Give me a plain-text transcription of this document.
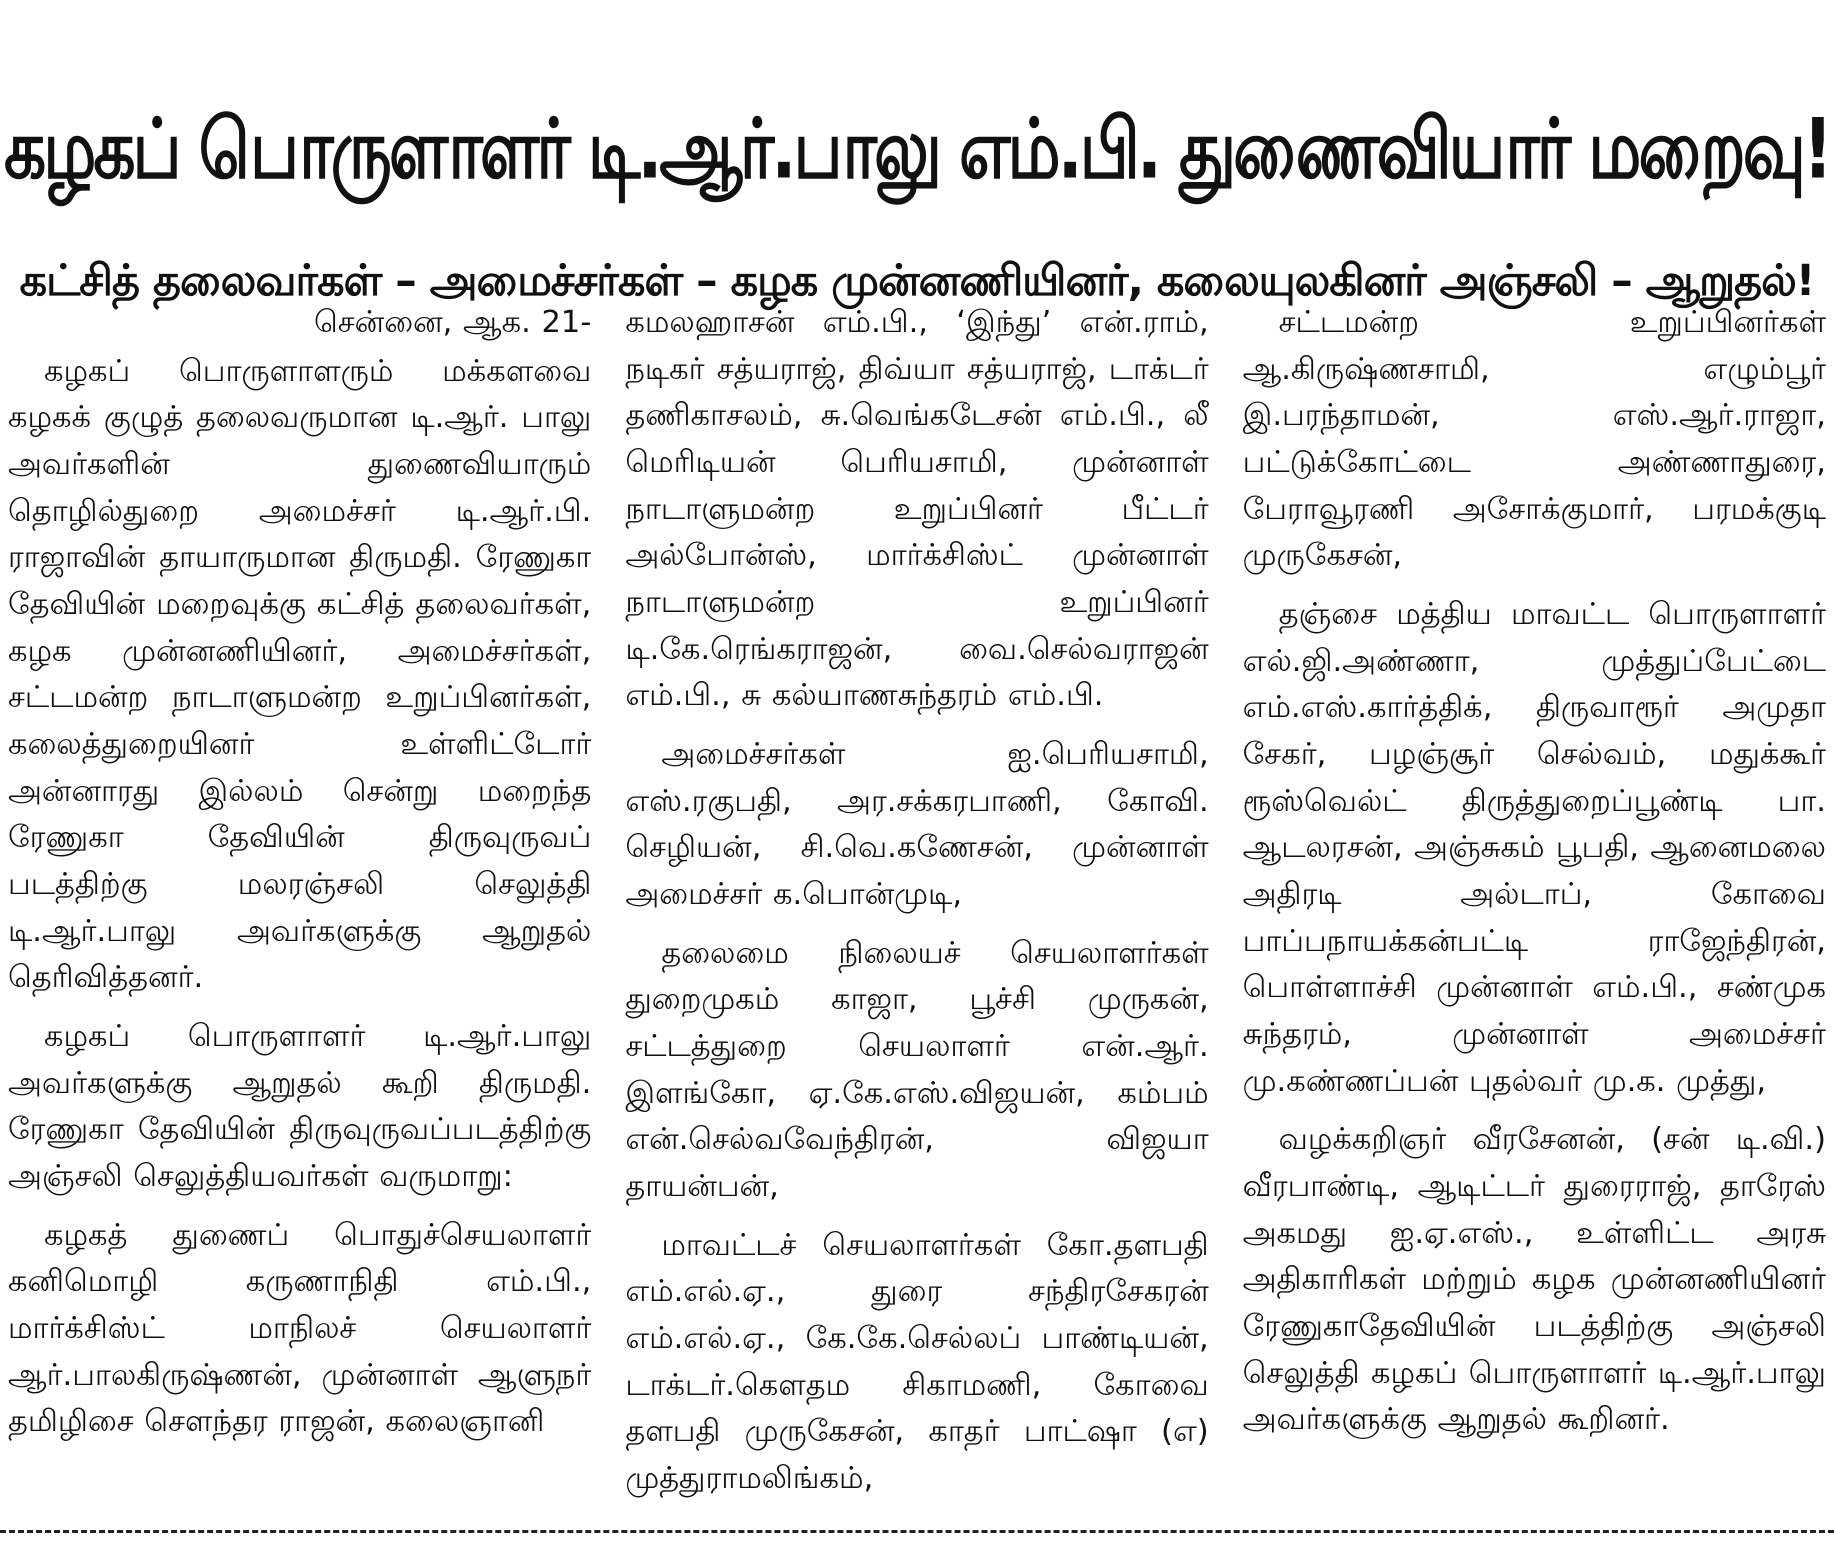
கழகப் பொருளாளர் டி.ஆர்.பாலு எம்.பி. துணைவியார் மறைவு!
கட்சித் தலைவர்கள் – அமைச்சர்கள் – கழக முன்னணியினர், கலையுலகினர் அஞ்சலி – ஆறுதல்!

சென்னை, ஆக. 21-

கழகப் பொருளாளரும் மக்களவை கழகக் குழுத் தலைவருமான டி.ஆர். பாலு அவர்களின் துணைவியாரும் தொழில்துறை அமைச்சர் டி.ஆர்.பி. ராஜாவின் தாயாருமான திருமதி. ரேணுகா தேவியின் மறைவுக்கு கட்சித் தலைவர்கள், கழக முன்னணியினர், அமைச்சர்கள், சட்டமன்ற நாடாளுமன்ற உறுப்பினர்கள், கலைத்துறையினர் உள்ளிட்டோர் அன்னாரது இல்லம் சென்று மறைந்த ரேணுகா தேவியின் திருவுருவப் படத்திற்கு மலரஞ்சலி செலுத்தி டி.ஆர்.பாலு அவர்களுக்கு ஆறுதல் தெரிவித்தனர்.

கழகப் பொருளாளர் டி.ஆர்.பாலு அவர்களுக்கு ஆறுதல் கூறி திருமதி. ரேணுகா தேவியின் திருவுருவப்படத்திற்கு அஞ்சலி செலுத்தியவர்கள் வருமாறு:

கழகத் துணைப் பொதுச்செயலாளர் கனிமொழி கருணாநிதி எம்.பி., மார்க்சிஸ்ட் மாநிலச் செயலாளர் ஆர்.பாலகிருஷ்ணன், முன்னாள் ஆளுநர் தமிழிசை சௌந்தர ராஜன், கலைஞானி

கமலஹாசன் எம்.பி., ‘இந்து’ என்.ராம், நடிகர் சத்யராஜ், திவ்யா சத்யராஜ், டாக்டர் தணிகாசலம், சு.வெங்கடேசன் எம்.பி., லீ மெரிடியன் பெரியசாமி, முன்னாள் நாடாளுமன்ற உறுப்பினர் பீட்டர் அல்போன்ஸ், மார்க்சிஸ்ட் முன்னாள் நாடாளுமன்ற உறுப்பினர் டி.கே.ரெங்கராஜன், வை.செல்வராஜன் எம்.பி., சு கல்யாணசுந்தரம் எம்.பி.

அமைச்சர்கள் ஐ.பெரியசாமி, எஸ்.ரகுபதி, அர.சக்கரபாணி, கோவி. செழியன், சி.வெ.கணேசன், முன்னாள் அமைச்சர் க.பொன்முடி,

தலைமை நிலையச் செயலாளர்கள் துறைமுகம் காஜா, பூச்சி முருகன், சட்டத்துறை செயலாளர் என்.ஆர். இளங்கோ, ஏ.கே.எஸ்.விஜயன், கம்பம் என்.செல்வவேந்திரன், விஜயா தாயன்பன்,

மாவட்டச் செயலாளர்கள் கோ.தளபதி எம்.எல்.ஏ., துரை சந்திரசேகரன் எம்.எல்.ஏ., கே.கே.செல்லப் பாண்டியன், டாக்டர்.கௌதம சிகாமணி, கோவை தளபதி முருகேசன், காதர் பாட்ஷா (எ) முத்துராமலிங்கம்,

சட்டமன்ற உறுப்பினர்கள் ஆ.கிருஷ்ணசாமி, எழும்பூர் இ.பரந்தாமன், எஸ்.ஆர்.ராஜா, பட்டுக்கோட்டை அண்ணாதுரை, பேராவூரணி அசோக்குமார், பரமக்குடி முருகேசன்,

தஞ்சை மத்திய மாவட்ட பொருளாளர் எல்.ஜி.அண்ணா, முத்துப்பேட்டை எம்.எஸ்.கார்த்திக், திருவாரூர் அமுதா சேகர், பழஞ்சூர் செல்வம், மதுக்கூர் ரூஸ்வெல்ட் திருத்துறைப்பூண்டி பா. ஆடலரசன், அஞ்சுகம் பூபதி, ஆனைமலை அதிரடி அல்டாப், கோவை பாப்பநாயக்கன்பட்டி ராஜேந்திரன், பொள்ளாச்சி முன்னாள் எம்.பி., சண்முக சுந்தரம், முன்னாள் அமைச்சர் மு.கண்ணப்பன் புதல்வர் மு.க. முத்து,

வழக்கறிஞர் வீரசேனன், (சன் டி.வி.) வீரபாண்டி, ஆடிட்டர் துரைராஜ், தாரேஸ் அகமது ஐ.ஏ.எஸ்., உள்ளிட்ட அரசு அதிகாரிகள் மற்றும் கழக முன்னணியினர் ரேணுகாதேவியின் படத்திற்கு அஞ்சலி செலுத்தி கழகப் பொருளாளர் டி.ஆர்.பாலு அவர்களுக்கு ஆறுதல் கூறினர்.
